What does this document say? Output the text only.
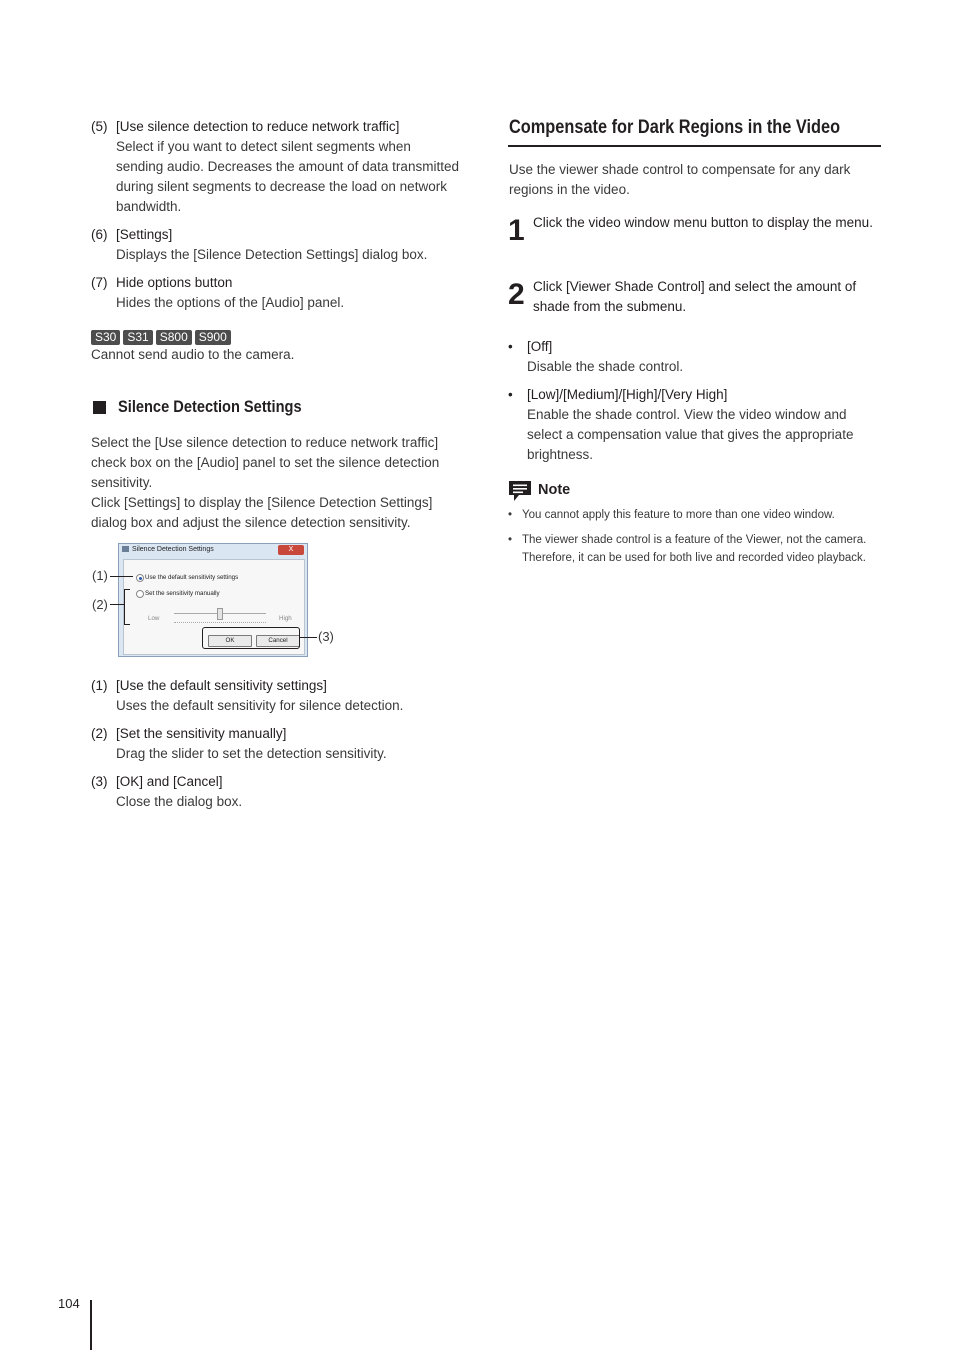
(5) [Use silence detection to reduce network traffic]
Select if you want to detect silent segments when sending audio. Decreases the amount of data transmitted during silent segments to decrease the load on network bandwidth.
(6) [Settings]
Displays the [Silence Detection Settings] dialog box.
(7) Hide options button
Hides the options of the [Audio] panel.
S30 S31 S800 S900
Cannot send audio to the camera.
Silence Detection Settings
Select the [Use silence detection to reduce network traffic] check box on the [Audio] panel to set the silence detection sensitivity.
Click [Settings] to display the [Silence Detection Settings] dialog box and adjust the silence detection sensitivity.
Silence Detection Settings	X
Use the default sensitivity settings
Set the sensitivity manually
Low	High
OK	Cancel
(1)
(2)
(3)
(1) [Use the default sensitivity settings]
Uses the default sensitivity for silence detection.
(2) [Set the sensitivity manually]
Drag the slider to set the detection sensitivity.
(3) [OK] and [Cancel]
Close the dialog box.
Compensate for Dark Regions in the Video
Use the viewer shade control to compensate for any dark regions in the video.
1 Click the video window menu button to display the menu.
2 Click [Viewer Shade Control] and select the amount of shade from the submenu.
• [Off]
Disable the shade control.
• [Low]/[Medium]/[High]/[Very High]
Enable the shade control. View the video window and select a compensation value that gives the appropriate brightness.
Note
• You cannot apply this feature to more than one video window.
• The viewer shade control is a feature of the Viewer, not the camera. Therefore, it can be used for both live and recorded video playback.
104
